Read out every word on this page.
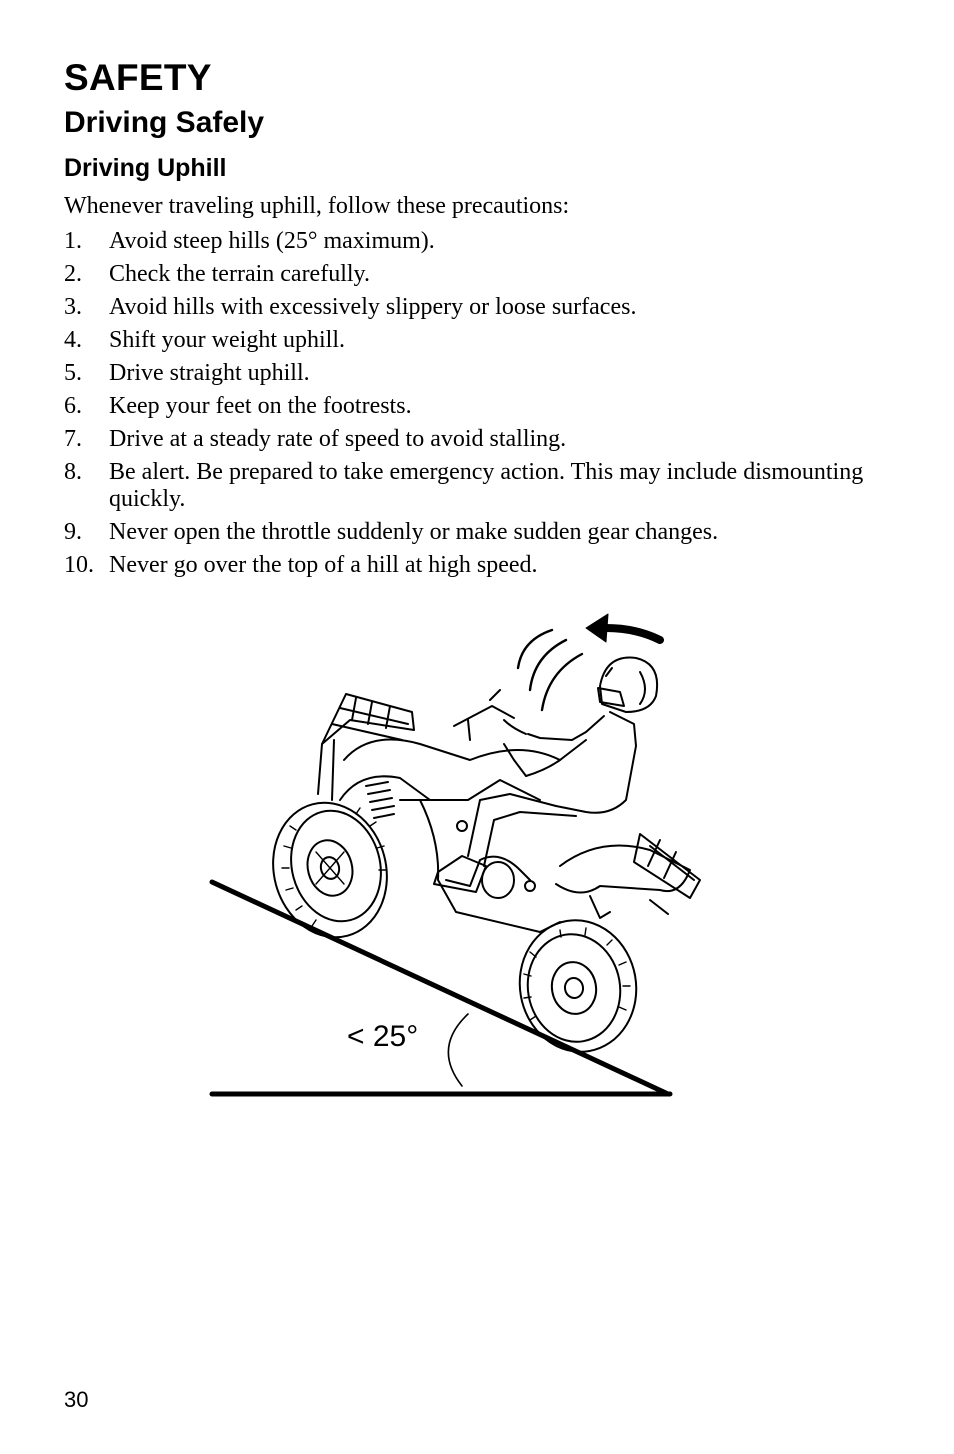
SAFETY
Driving Safely
Driving Uphill

Whenever traveling uphill, follow these precautions:

1. Avoid steep hills (25° maximum).
2. Check the terrain carefully.
3. Avoid hills with excessively slippery or loose surfaces.
4. Shift your weight uphill.
5. Drive straight uphill.
6. Keep your feet on the footrests.
7. Drive at a steady rate of speed to avoid stalling.
8. Be alert. Be prepared to take emergency action. This may include dismounting quickly.
9. Never open the throttle suddenly or make sudden gear changes.
10. Never go over the top of a hill at high speed.
< 25°
30
